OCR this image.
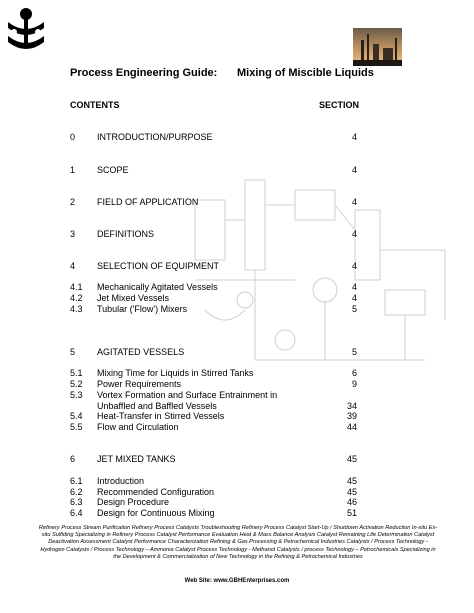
Process Engineering Guide: Mixing of Miscible Liquids
CONTENTS	SECTION
0 INTRODUCTION/PURPOSE	4
1 SCOPE	4
2 FIELD OF APPLICATION	4
3 DEFINITIONS	4
4 SELECTION OF EQUIPMENT	4
4.1 Mechanically Agitated Vessels	4
4.2 Jet Mixed Vessels	4
4.3 Tubular ('Flow') Mixers	5
5 AGITATED VESSELS	5
5.1 Mixing Time for Liquids in Stirred Tanks	6
5.2 Power Requirements	9
5.3 Vortex Formation and Surface Entrainment in
Unbaffled and Baffled Vessels	34
5.4 Heat-Transfer in Stirred Vessels	39
5.5 Flow and Circulation	44
6 JET MIXED TANKS	45
6.1 Introduction	45
6.2 Recommended Configuration	45
6.3 Design Procedure	46
6.4 Design for Continuous Mixing	51
Refinery Process Stream Purification Refinery Process Catalysts Troubleshooting Refinery Process Catalyst Start-Up / Shutdown Activation Reduction In-situ Ex-situ Sulfiding Specializing in Refinery Process Catalyst Performance Evaluation Heat & Mass Balance Analysis Catalyst Remaining Life Determination Catalyst Deactivation Assessment Catalyst Performance Characterization Refining & Gas Processing & Petrochemical Industries Catalysts / Process Technology - Hydrogen Catalysts / Process Technology – Ammonia Catalyst Process Technology - Methanol Catalysts / process Technology – Petrochemicals Specializing in the Development & Commercialization of New Technology in the Refining & Petrochemical Industries
Web Site: www.GBHEnterprises.com
